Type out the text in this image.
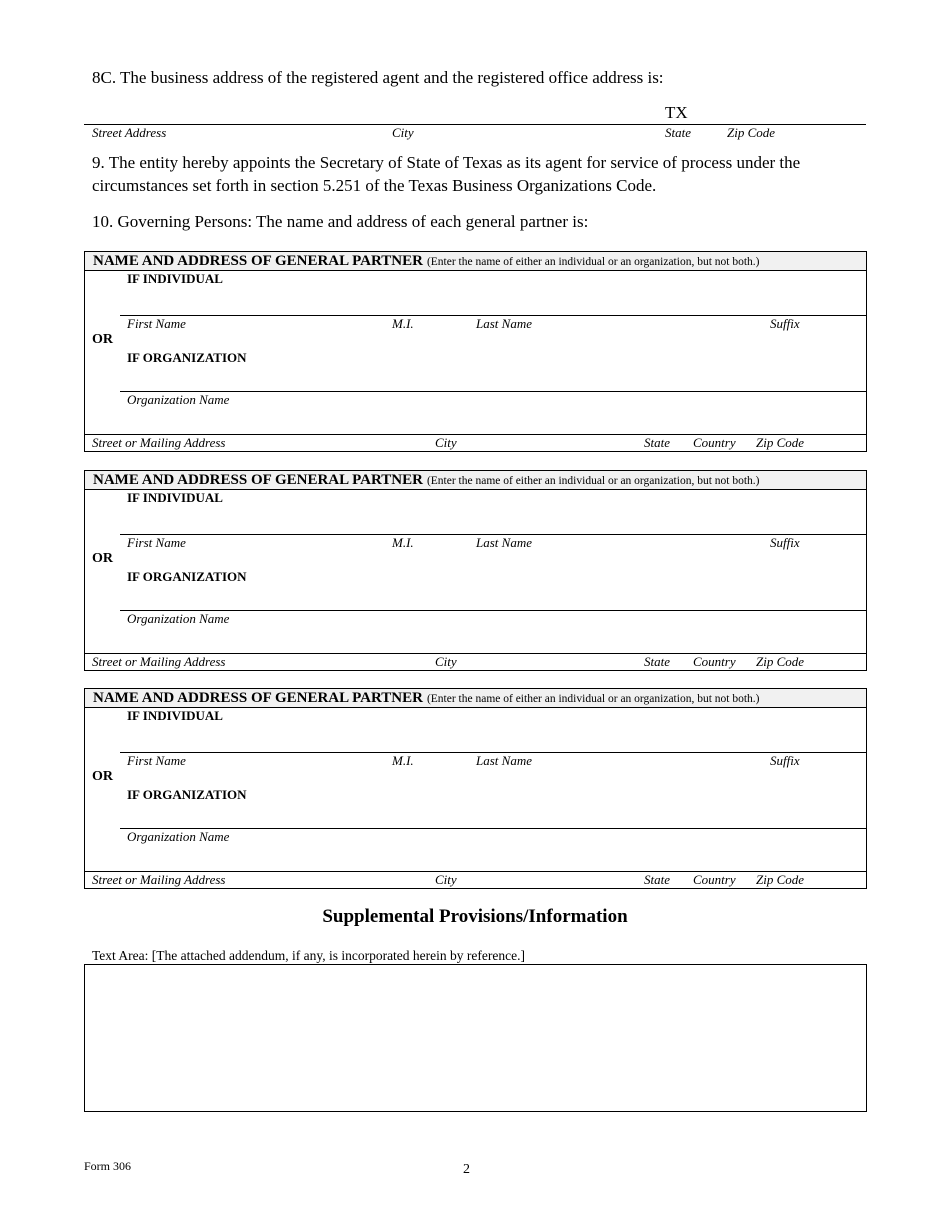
8C. The business address of the registered agent and the registered office address is:
TX
Street Address	City	State	Zip Code
9. The entity hereby appoints the Secretary of State of Texas as its agent for service of process under the circumstances set forth in section 5.251 of the Texas Business Organizations Code.
10. Governing Persons: The name and address of each general partner is:
NAME AND ADDRESS OF GENERAL PARTNER (Enter the name of either an individual or an organization, but not both.)
IF INDIVIDUAL
First Name	M.I.	Last Name	Suffix
OR
IF ORGANIZATION
Organization Name
Street or Mailing Address	City	State Country Zip Code
NAME AND ADDRESS OF GENERAL PARTNER (Enter the name of either an individual or an organization, but not both.)
IF INDIVIDUAL
First Name	M.I.	Last Name	Suffix
OR
IF ORGANIZATION
Organization Name
Street or Mailing Address	City	State Country Zip Code
NAME AND ADDRESS OF GENERAL PARTNER (Enter the name of either an individual or an organization, but not both.)
IF INDIVIDUAL
First Name	M.I.	Last Name	Suffix
OR
IF ORGANIZATION
Organization Name
Street or Mailing Address	City	State Country Zip Code
Supplemental Provisions/Information
Text Area: [The attached addendum, if any, is incorporated herein by reference.]
Form 306	2
